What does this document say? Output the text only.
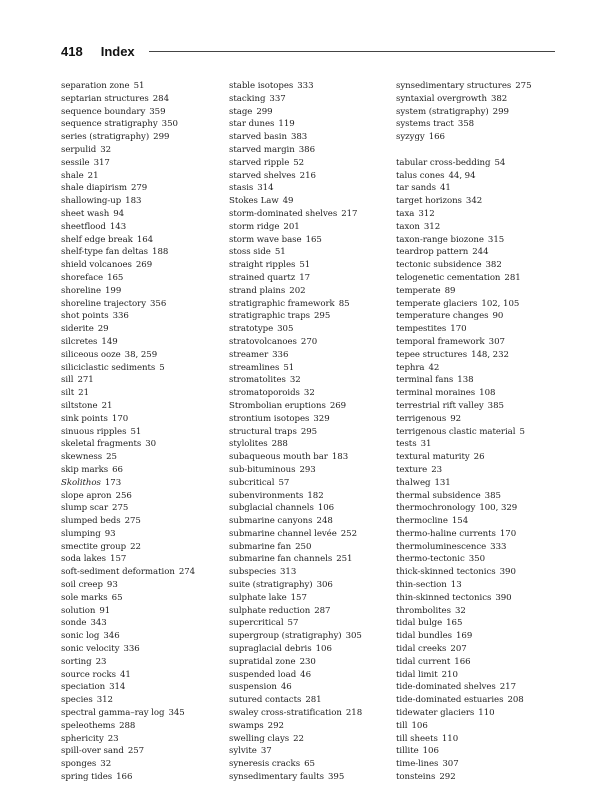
418 Index
separation zone 51
septarian structures 284
sequence boundary 359
sequence stratigraphy 350
series (stratigraphy) 299
serpulid 32
sessile 317
shale 21
shale diapirism 279
shallowing-up 183
sheet wash 94
sheetflood 143
shelf edge break 164
shelf-type fan deltas 188
shield volcanoes 269
shoreface 165
shoreline 199
shoreline trajectory 356
shot points 336
siderite 29
silcretes 149
siliceous ooze 38, 259
siliciclastic sediments 5
sill 271
silt 21
siltstone 21
sink points 170
sinuous ripples 51
skeletal fragments 30
skewness 25
skip marks 66
Skolithos 173
slope apron 256
slump scar 275
slumped beds 275
slumping 93
smectite group 22
soda lakes 157
soft-sediment deformation 274
soil creep 93
sole marks 65
solution 91
sonde 343
sonic log 346
sonic velocity 336
sorting 23
source rocks 41
speciation 314
species 312
spectral gamma–ray log 345
speleothems 288
sphericity 23
spill-over sand 257
sponges 32
spring tides 166
stable isotopes 333
stacking 337
stage 299
star dunes 119
starved basin 383
starved margin 386
starved ripple 52
starved shelves 216
stasis 314
Stokes Law 49
storm-dominated shelves 217
storm ridge 201
storm wave base 165
stoss side 51
straight ripples 51
strained quartz 17
strand plains 202
stratigraphic framework 85
stratigraphic traps 295
stratotype 305
stratovolcanoes 270
streamer 336
streamlines 51
stromatolites 32
stromatoporoids 32
Strombolian eruptions 269
strontium isotopes 329
structural traps 295
stylolites 288
subaqueous mouth bar 183
sub-bituminous 293
subcritical 57
subenvironments 182
subglacial channels 106
submarine canyons 248
submarine channel levée 252
submarine fan 250
submarine fan channels 251
subspecies 313
suite (stratigraphy) 306
sulphate lake 157
sulphate reduction 287
supercritical 57
supergroup (stratigraphy) 305
supraglacial debris 106
supratidal zone 230
suspended load 46
suspension 46
sutured contacts 281
swaley cross-stratification 218
swamps 292
swelling clays 22
sylvite 37
syneresis cracks 65
synsedimentary faults 395
synsedimentary structures 275
syntaxial overgrowth 382
system (stratigraphy) 299
systems tract 358
syzygy 166
tabular cross-bedding 54
talus cones 44, 94
tar sands 41
target horizons 342
taxa 312
taxon 312
taxon-range biozone 315
teardrop pattern 244
tectonic subsidence 382
telogenetic cementation 281
temperate 89
temperate glaciers 102, 105
temperature changes 90
tempestites 170
temporal framework 307
tepee structures 148, 232
tephra 42
terminal fans 138
terminal moraines 108
terrestrial rift valley 385
terrigenous 92
terrigenous clastic material 5
tests 31
textural maturity 26
texture 23
thalweg 131
thermal subsidence 385
thermochronology 100, 329
thermocline 154
thermo-haline currents 170
thermoluminescence 333
thermo-tectonic 350
thick-skinned tectonics 390
thin-section 13
thin-skinned tectonics 390
thrombolites 32
tidal bulge 165
tidal bundles 169
tidal creeks 207
tidal current 166
tidal limit 210
tide-dominated shelves 217
tide-dominated estuaries 208
tidewater glaciers 110
till 106
till sheets 110
tillite 106
time-lines 307
tonsteins 292
